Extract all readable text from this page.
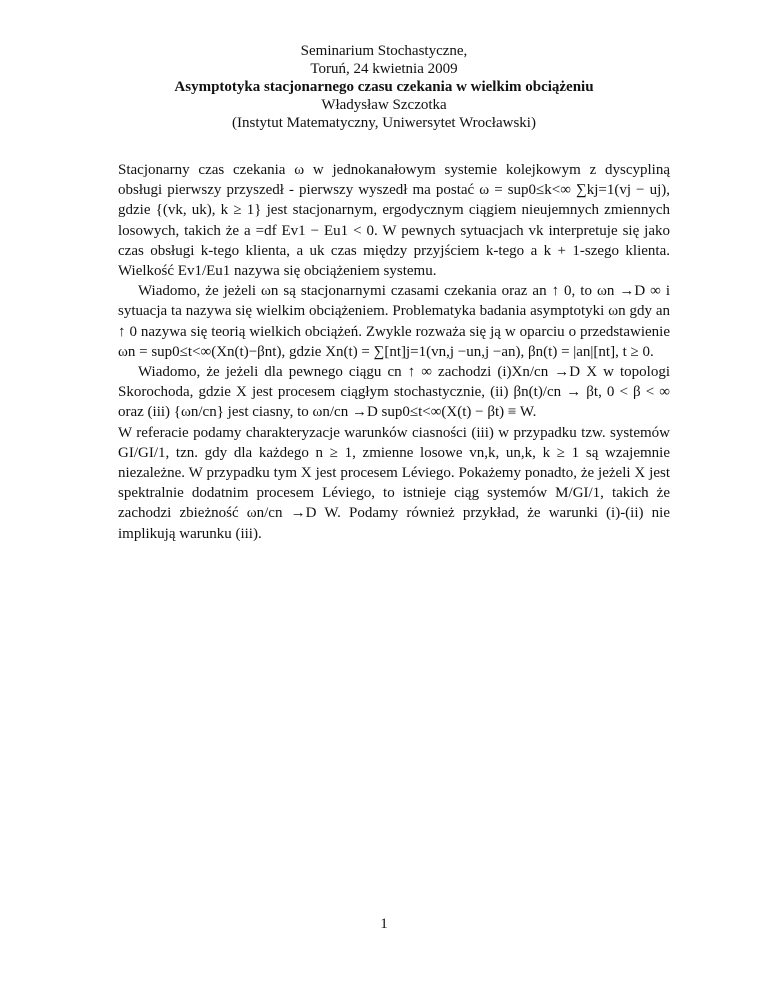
Seminarium Stochastyczne,
Toruń, 24 kwietnia 2009
Asymptotyka stacjonarnego czasu czekania w wielkim obciążeniu
Władysław Szczotka
(Instytut Matematyczny, Uniwersytet Wrocławski)

Stacjonarny czas czekania ω w jednokanałowym systemie kolejkowym z dyscypliną obsługi pierwszy przyszedł - pierwszy wyszedł ma postać ω = sup0≤k<∞ ∑kj=1(vj − uj), gdzie {(vk, uk), k ≥ 1} jest stacjonarnym, ergodycznym ciągiem nieujemnych zmiennych losowych, takich że a =df Ev1 − Eu1 < 0. W pewnych sytuacjach vk interpretuje się jako czas obsługi k-tego klienta, a uk czas między przyjściem k-tego a k + 1-szego klienta. Wielkość Ev1/Eu1 nazywa się obciążeniem systemu.

Wiadomo, że jeżeli ωn są stacjonarnymi czasami czekania oraz an ↑ 0, to ωn →D ∞ i sytuacja ta nazywa się wielkim obciążeniem. Problematyka badania asymptotyki ωn gdy an ↑ 0 nazywa się teorią wielkich obciążeń. Zwykle rozważa się ją w oparciu o przedstawienie ωn = sup0≤t<∞(Xn(t)−βnt), gdzie Xn(t) = ∑[nt]j=1(vn,j −un,j −an), βn(t) = |an|[nt], t ≥ 0.

Wiadomo, że jeżeli dla pewnego ciągu cn ↑ ∞ zachodzi (i)Xn/cn →D X w topologi Skorochoda, gdzie X jest procesem ciągłym stochastycznie, (ii) βn(t)/cn → βt, 0 < β < ∞ oraz (iii) {ωn/cn} jest ciasny, to ωn/cn →D sup0≤t<∞(X(t) − βt) ≡ W.

W referacie podamy charakteryzacje warunków ciasności (iii) w przypadku tzw. systemów GI/GI/1, tzn. gdy dla każdego n ≥ 1, zmienne losowe vn,k, un,k, k ≥ 1 są wzajemnie niezależne. W przypadku tym X jest procesem Léviego. Pokażemy ponadto, że jeżeli X jest spektralnie dodatnim procesem Léviego, to istnieje ciąg systemów M/GI/1, takich że zachodzi zbieżność ωn/cn →D W. Podamy również przykład, że warunki (i)-(ii) nie implikują warunku (iii).

1
